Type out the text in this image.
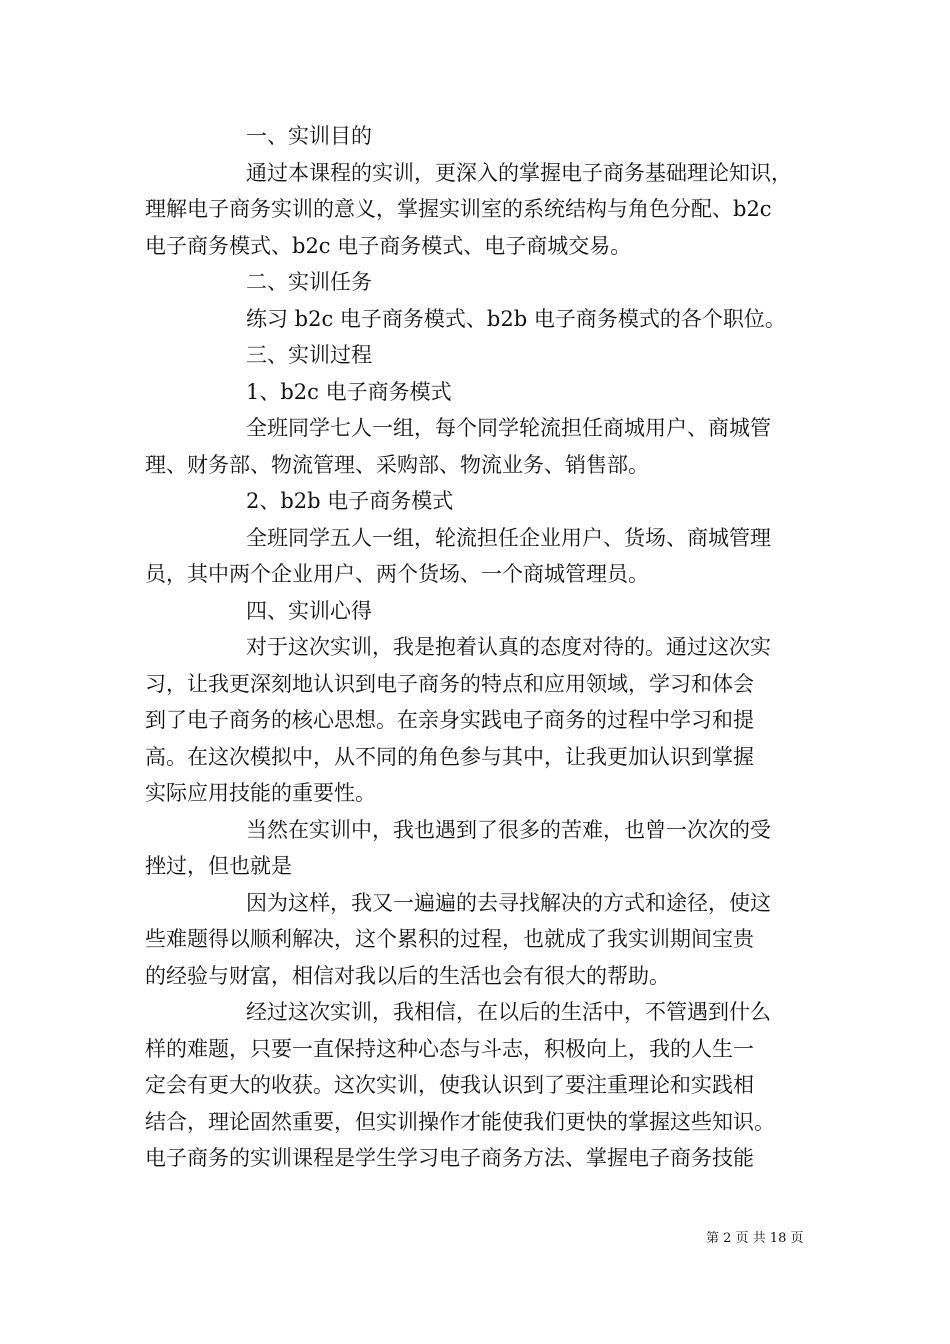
一、实训目的
通过本课程的实训，更深入的掌握电子商务基础理论知识，
理解电子商务实训的意义，掌握实训室的系统结构与角色分配、b2c
电子商务模式、b2c 电子商务模式、电子商城交易。
二、实训任务
练习 b2c 电子商务模式、b2b 电子商务模式的各个职位。
三、实训过程
1、b2c 电子商务模式
全班同学七人一组，每个同学轮流担任商城用户、商城管
理、财务部、物流管理、采购部、物流业务、销售部。
2、b2b 电子商务模式
全班同学五人一组，轮流担任企业用户、货场、商城管理
员，其中两个企业用户、两个货场、一个商城管理员。
四、实训心得
对于这次实训，我是抱着认真的态度对待的。通过这次实
习，让我更深刻地认识到电子商务的特点和应用领域，学习和体会
到了电子商务的核心思想。在亲身实践电子商务的过程中学习和提
高。在这次模拟中，从不同的角色参与其中，让我更加认识到掌握
实际应用技能的重要性。
当然在实训中，我也遇到了很多的苦难，也曾一次次的受
挫过，但也就是
因为这样，我又一遍遍的去寻找解决的方式和途径，使这
些难题得以顺利解决，这个累积的过程，也就成了我实训期间宝贵
的经验与财富，相信对我以后的生活也会有很大的帮助。
经过这次实训，我相信，在以后的生活中，不管遇到什么
样的难题，只要一直保持这种心态与斗志，积极向上，我的人生一
定会有更大的收获。这次实训，使我认识到了要注重理论和实践相
结合，理论固然重要，但实训操作才能使我们更快的掌握这些知识。
电子商务的实训课程是学生学习电子商务方法、掌握电子商务技能
第 2 页 共 18 页
